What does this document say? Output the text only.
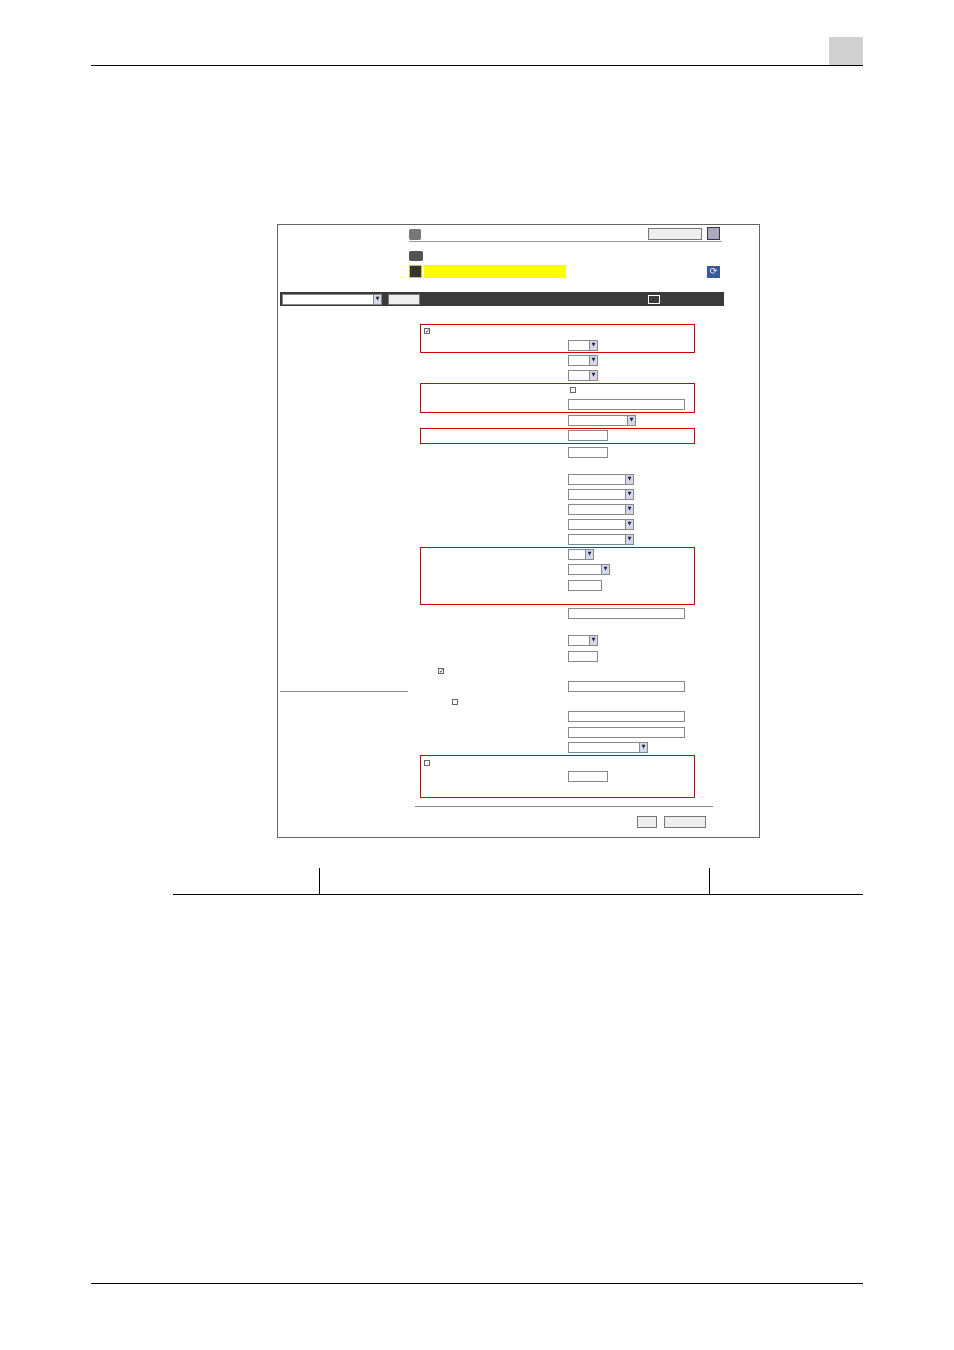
⟳
▼
✓
▼
▼
▼
▼
▼
▼
▼
▼
▼
▼
▼
▼
✓
▼
